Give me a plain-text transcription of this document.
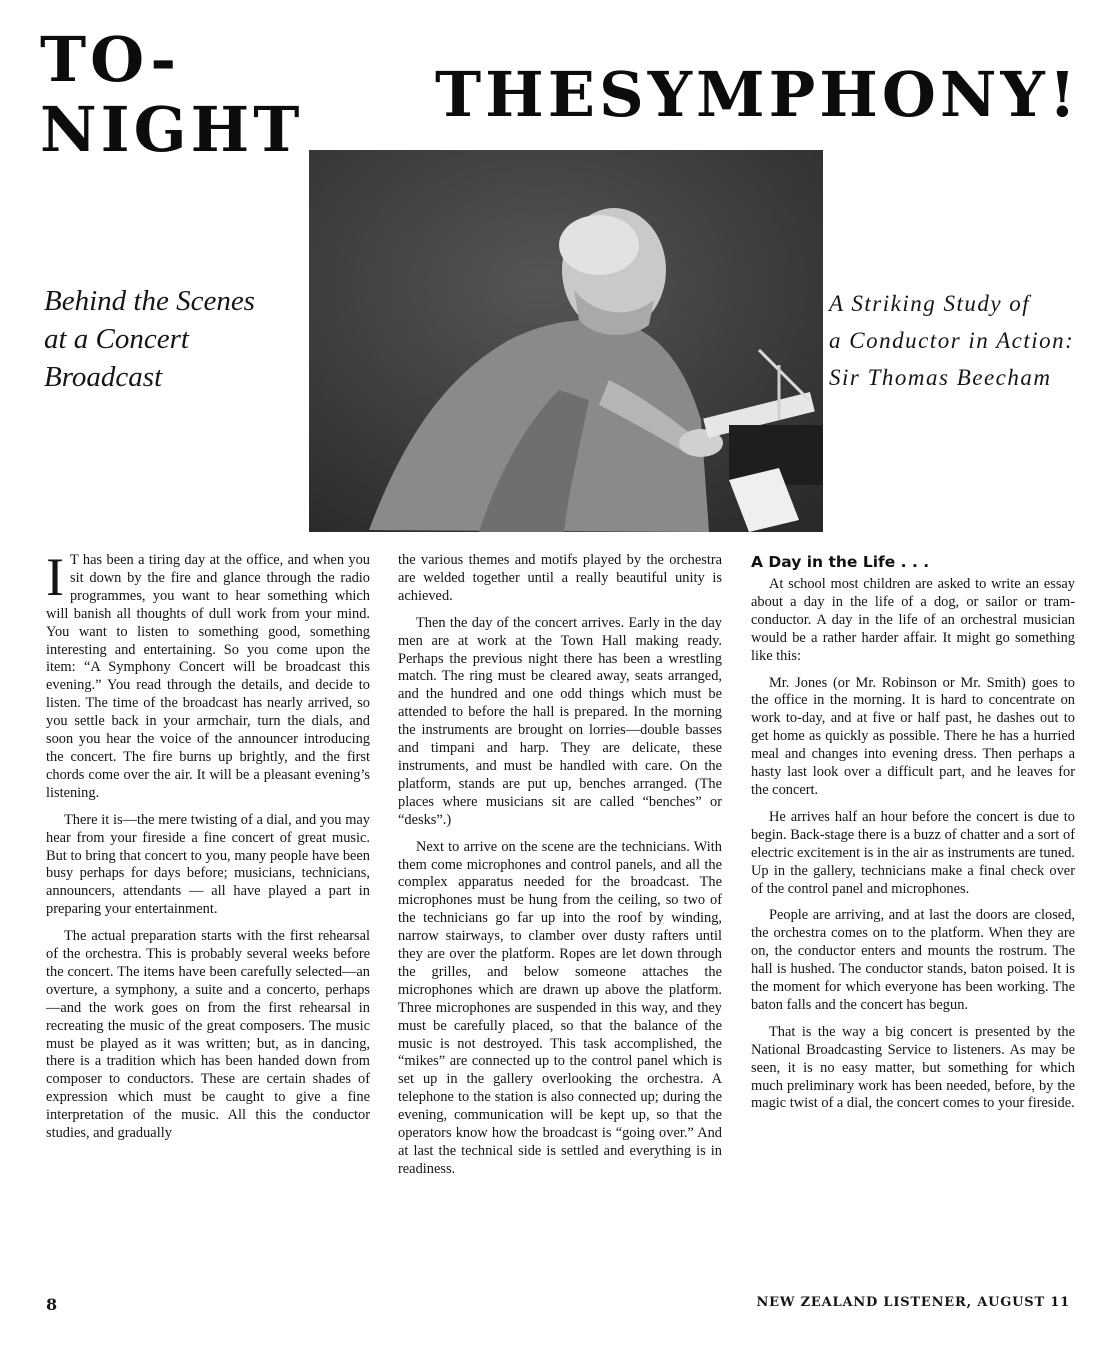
TO-NIGHT	THE SYMPHONY!
Behind the Scenes
at a Concert
Broadcast
A Striking Study of
a Conductor in Action:
Sir Thomas Beecham

I T has been a tiring day at the office, and when you sit down by the fire and glance through the radio programmes, you want to hear something which will banish all thoughts of dull work from your mind. You want to listen to something good, something interesting and entertaining. So you come upon the item: “A Symphony Concert will be broadcast this evening.” You read through the details, and decide to listen. The time of the broadcast has nearly arrived, so you settle back in your armchair, turn the dials, and soon you hear the voice of the announcer introducing the concert. The fire burns up brightly, and the first chords come over the air. It will be a pleasant evening’s listening.

There it is—the mere twisting of a dial, and you may hear from your fireside a fine concert of great music. But to bring that concert to you, many people have been busy perhaps for days before; musicians, technicians, announcers, attendants — all have played a part in preparing your entertainment.

The actual preparation starts with the first rehearsal of the orchestra. This is probably several weeks before the concert. The items have been carefully selected—an overture, a symphony, a suite and a concerto, perhaps —and the work goes on from the first rehearsal in recreating the music of the great composers. The music must be played as it was written; but, as in dancing, there is a tradition which has been handed down from composer to conductors. These are certain shades of expression which must be caught to give a fine interpretation of the music. All this the conductor studies, and gradually

the various themes and motifs played by the orchestra are welded together until a really beautiful unity is achieved.

Then the day of the concert arrives. Early in the day men are at work at the Town Hall making ready. Perhaps the previous night there has been a wrestling match. The ring must be cleared away, seats arranged, and the hundred and one odd things which must be attended to before the hall is prepared. In the morning the instruments are brought on lorries—double basses and timpani and harp. They are delicate, these instruments, and must be handled with care. On the platform, stands are put up, benches arranged. (The places where musicians sit are called “benches” or “desks”.)

Next to arrive on the scene are the technicians. With them come microphones and control panels, and all the complex apparatus needed for the broadcast. The microphones must be hung from the ceiling, so two of the technicians go far up into the roof by winding, narrow stairways, to clamber over dusty rafters until they are over the platform. Ropes are let down through the grilles, and below someone attaches the microphones which are drawn up above the platform. Three microphones are suspended in this way, and they must be carefully placed, so that the balance of the music is not destroyed. This task accomplished, the “mikes” are connected up to the control panel which is set up in the gallery overlooking the orchestra. A telephone to the station is also connected up; during the evening, communication will be kept up, so that the operators know how the broadcast is “going over.” And at last the technical side is settled and everything is in readiness.

A Day in the Life . . .

At school most children are asked to write an essay about a day in the life of a dog, or sailor or tram-conductor. A day in the life of an orchestral musician would be a rather harder affair. It might go something like this:

Mr. Jones (or Mr. Robinson or Mr. Smith) goes to the office in the morning. It is hard to concentrate on work to-day, and at five or half past, he dashes out to get home as quickly as possible. There he has a hurried meal and changes into evening dress. Then perhaps a hasty last look over a difficult part, and he leaves for the concert.

He arrives half an hour before the concert is due to begin. Back-stage there is a buzz of chatter and a sort of electric excitement is in the air as instruments are tuned. Up in the gallery, technicians make a final check over of the control panel and microphones.

People are arriving, and at last the doors are closed, the orchestra comes on to the platform. When they are on, the conductor enters and mounts the rostrum. The hall is hushed. The conductor stands, baton poised. It is the moment for which everyone has been working. The baton falls and the concert has begun.

That is the way a big concert is presented by the National Broadcasting Service to listeners. As may be seen, it is no easy matter, but something for which much preliminary work has been needed, before, by the magic twist of a dial, the concert comes to your fireside.

8	NEW ZEALAND LISTENER, AUGUST 11
